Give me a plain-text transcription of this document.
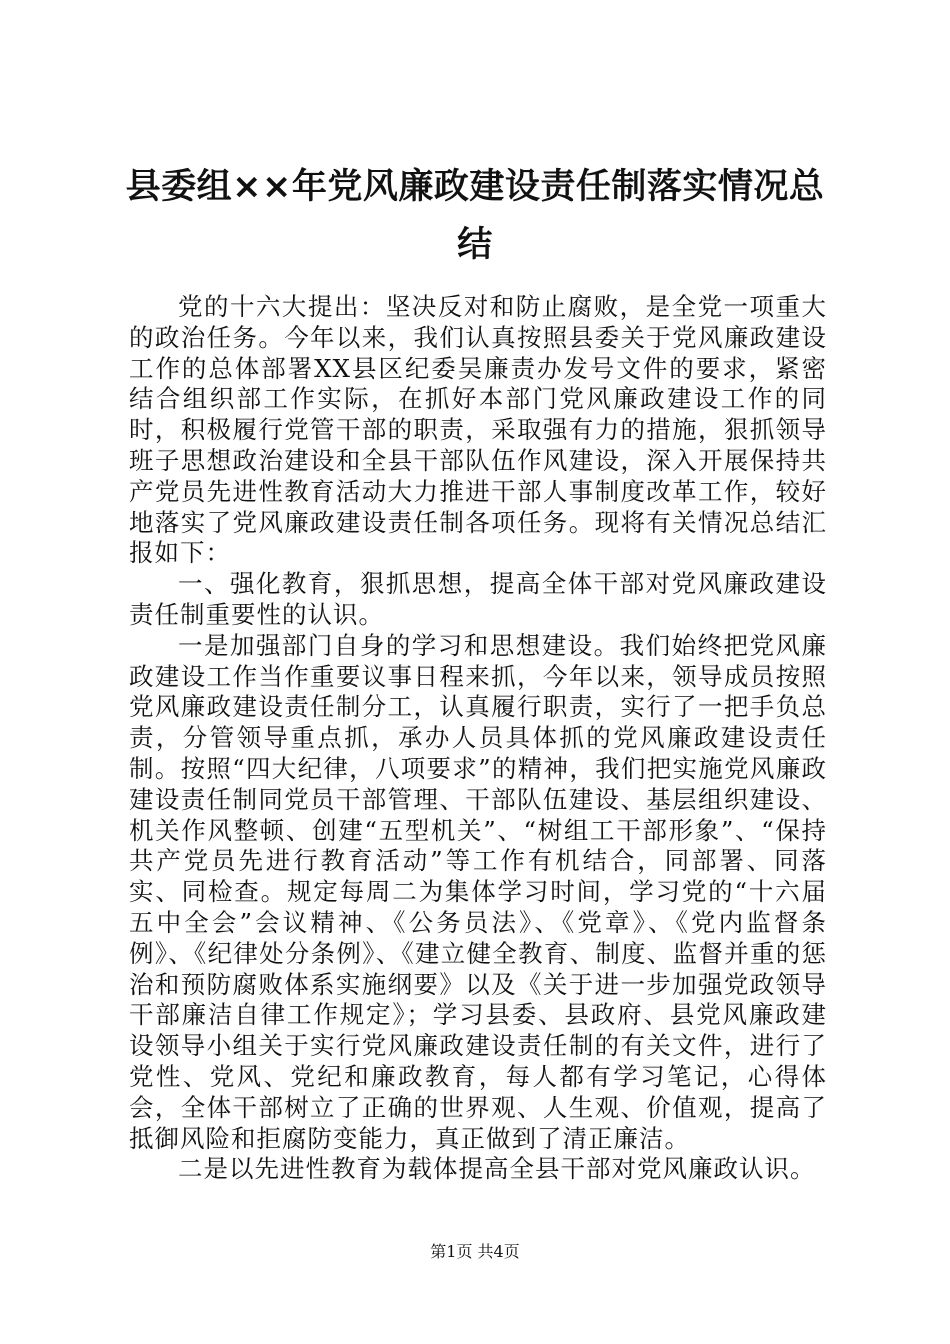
县委组××年党风廉政建设责任制落实情况总结

党的十六大提出：坚决反对和防止腐败，是全党一项重大的政治任务。今年以来，我们认真按照县委关于党风廉政建设工作的总体部署XX县区纪委吴廉责办发号文件的要求，紧密结合组织部工作实际，在抓好本部门党风廉政建设工作的同时，积极履行党管干部的职责，采取强有力的措施，狠抓领导班子思想政治建设和全县干部队伍作风建设，深入开展保持共产党员先进性教育活动大力推进干部人事制度改革工作，较好地落实了党风廉政建设责任制各项任务。现将有关情况总结汇报如下：

一、强化教育，狠抓思想，提高全体干部对党风廉政建设责任制重要性的认识。

一是加强部门自身的学习和思想建设。我们始终把党风廉政建设工作当作重要议事日程来抓，今年以来，领导成员按照党风廉政建设责任制分工，认真履行职责，实行了一把手负总责，分管领导重点抓，承办人员具体抓的党风廉政建设责任制。按照“四大纪律，八项要求”的精神，我们把实施党风廉政建设责任制同党员干部管理、干部队伍建设、基层组织建设、机关作风整顿、创建“五型机关”、“树组工干部形象”、“保持共产党员先进行教育活动”等工作有机结合，同部署、同落实、同检查。规定每周二为集体学习时间，学习党的“十六届五中全会”会议精神、《公务员法》、《党章》、《党内监督条例》、《纪律处分条例》、《建立健全教育、制度、监督并重的惩治和预防腐败体系实施纲要》以及《关于进一步加强党政领导干部廉洁自律工作规定》；学习县委、县政府、县党风廉政建设领导小组关于实行党风廉政建设责任制的有关文件，进行了党性、党风、党纪和廉政教育，每人都有学习笔记，心得体会，全体干部树立了正确的世界观、人生观、价值观，提高了抵御风险和拒腐防变能力，真正做到了清正廉洁。

二是以先进性教育为载体提高全县干部对党风廉政认识。

第1页 共4页
